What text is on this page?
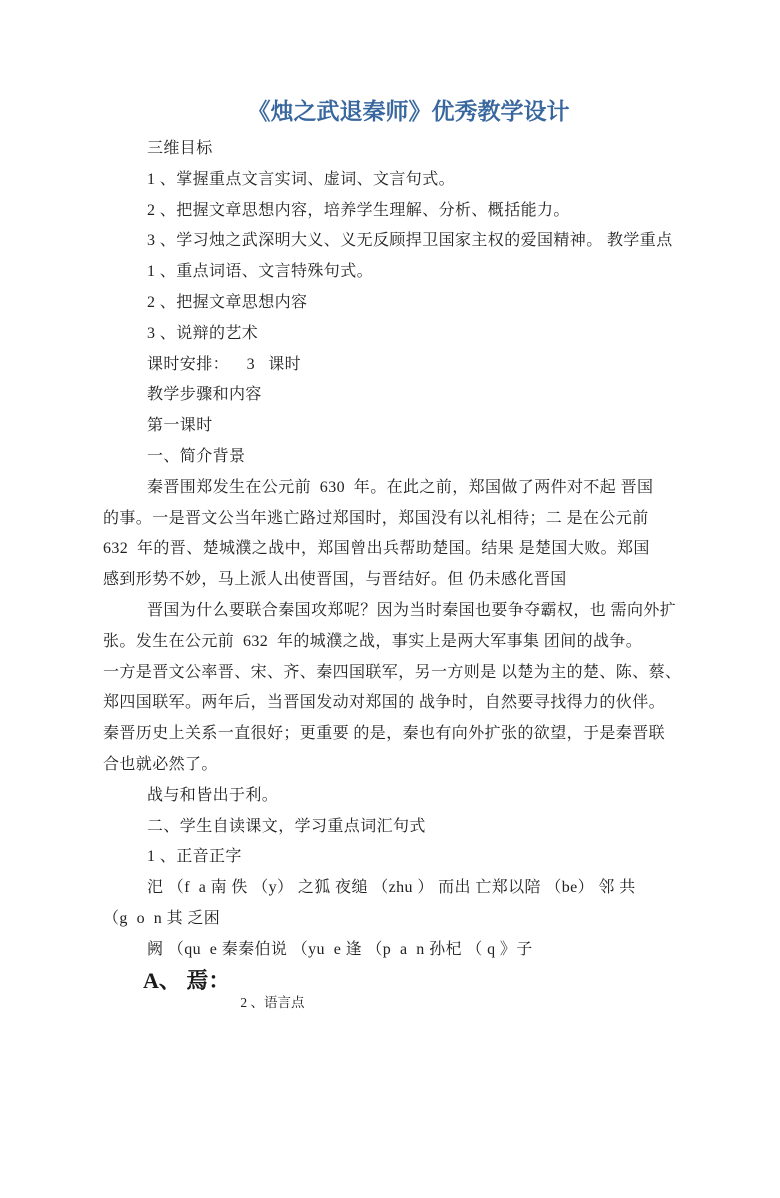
《烛之武退秦师》优秀教学设计
三维目标
1 、掌握重点文言实词、虚词、文言句式。
2 、把握文章思想内容，培养学生理解、分析、概括能力。
3 、学习烛之武深明大义、义无反顾捍卫国家主权的爱国精神。 教学重点
1 、重点词语、文言特殊句式。
2 、把握文章思想内容
3 、说辩的艺术
课时安排：    3   课时
教学步骤和内容
第一课时
一、简介背景
秦晋围郑发生在公元前  630  年。在此之前，郑国做了两件对不起 晋国
的事。一是晋文公当年逃亡路过郑国时，郑国没有以礼相待；二 是在公元前
632  年的晋、楚城濮之战中，郑国曾出兵帮助楚国。结果 是楚国大败。郑国
感到形势不妙，马上派人出使晋国，与晋结好。但 仍未感化晋国
晋国为什么要联合秦国攻郑呢？因为当时秦国也要争夺霸权，也 需向外扩
张。发生在公元前  632  年的城濮之战，事实上是两大军事集 团间的战争。
一方是晋文公率晋、宋、齐、秦四国联军，另一方则是 以楚为主的楚、陈、蔡、
郑四国联军。两年后，当晋国发动对郑国的 战争时，自然要寻找得力的伙伴。
秦晋历史上关系一直很好；更重要 的是，秦也有向外扩张的欲望，于是秦晋联
合也就必然了。
战与和皆出于利。
二、学生自读课文，学习重点词汇句式
1 、正音正字
汜 （f  a 南 佚 （y） 之狐 夜缒 （zhu ） 而出 亡郑以陪 （be） 邻 共
（g  o  n 其 乏困
阙 （qu  e 秦秦伯说 （yu  e 逢 （p  a  n 孙杞 （ q 》子
A、 焉：
2 、语言点
